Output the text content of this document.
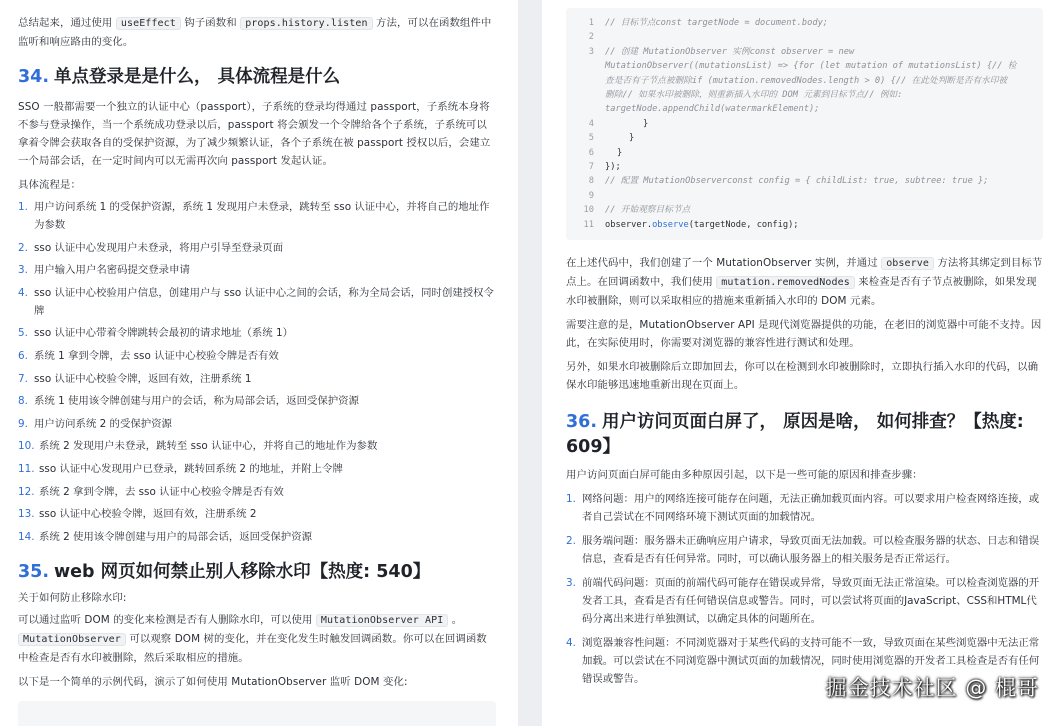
总结起来，通过使用 useEffect 钩子函数和 props.history.listen 方法，可以在函数组件中监听和响应路由的变化。

34. 单点登录是是什么， 具体流程是什么

SSO 一般都需要一个独立的认证中心（passport），子系统的登录均得通过 passport，子系统本身将不参与登录操作，当一个系统成功登录以后，passport 将会颁发一个令牌给各个子系统，子系统可以拿着令牌会获取各自的受保护资源，为了减少频繁认证，各个子系统在被 passport 授权以后，会建立一个局部会话，在一定时间内可以无需再次向 passport 发起认证。

具体流程是：

1. 用户访问系统 1 的受保护资源，系统 1 发现用户未登录，跳转至 sso 认证中心，并将自己的地址作为参数
2. sso 认证中心发现用户未登录，将用户引导至登录页面
3. 用户输入用户名密码提交登录申请
4. sso 认证中心校验用户信息，创建用户与 sso 认证中心之间的会话，称为全局会话，同时创建授权令牌
5. sso 认证中心带着令牌跳转会最初的请求地址（系统 1）
6. 系统 1 拿到令牌，去 sso 认证中心校验令牌是否有效
7. sso 认证中心校验令牌，返回有效，注册系统 1
8. 系统 1 使用该令牌创建与用户的会话，称为局部会话，返回受保护资源
9. 用户访问系统 2 的受保护资源
10. 系统 2 发现用户未登录，跳转至 sso 认证中心，并将自己的地址作为参数
11. sso 认证中心发现用户已登录，跳转回系统 2 的地址，并附上令牌
12. 系统 2 拿到令牌，去 sso 认证中心校验令牌是否有效
13. sso 认证中心校验令牌，返回有效，注册系统 2
14. 系统 2 使用该令牌创建与用户的局部会话，返回受保护资源
35. web 网页如何禁止别人移除水印【热度: 540】

关于如何防止移除水印:

可以通过监听 DOM 的变化来检测是否有人删除水印，可以使用 MutationObserver API 。MutationObserver 可以观察 DOM 树的变化，并在变化发生时触发回调函数。你可以在回调函数中检查是否有水印被删除，然后采取相应的措施。

以下是一个简单的示例代码，演示了如何使用 MutationObserver 监听 DOM 变化:

1 // 目标节点const targetNode = document.body;
2

3 // 创建 MutationObserver 实例const observer = new
MutationObserver((mutationsList) => {for (let mutation of mutationsList) {// 检
查是否有子节点被删除if (mutation.removedNodes.length > 0) {// 在此处判断是否有水印被
删除// 如果水印被删除，则重新插入水印的 DOM 元素到目标节点// 例如:
targetNode.appendChild(watermarkElement);
4	}
5	}
6	}
7 });
8 // 配置 MutationObserverconst config = { childList: true, subtree: true };
9

10 // 开始观察目标节点
11 observer.observe(targetNode, config);

在上述代码中，我们创建了一个 MutationObserver 实例，并通过 observe 方法将其绑定到目标节点上。在回调函数中，我们使用 mutation.removedNodes 来检查是否有子节点被删除，如果发现水印被删除，则可以采取相应的措施来重新插入水印的 DOM 元素。

需要注意的是，MutationObserver API 是现代浏览器提供的功能，在老旧的浏览器中可能不支持。因此，在实际使用时，你需要对浏览器的兼容性进行测试和处理。

另外，如果水印被删除后立即加回去，你可以在检测到水印被删除时，立即执行插入水印的代码，以确保水印能够迅速地重新出现在页面上。

36. 用户访问页面白屏了， 原因是啥， 如何排查？【热度: 609】

用户访问页面白屏可能由多种原因引起，以下是一些可能的原因和排查步骤：

1. 网络问题：用户的网络连接可能存在问题，无法正确加载页面内容。可以要求用户检查网络连接，或者自己尝试在不同网络环境下测试页面的加载情况。
2. 服务端问题：服务器未正确响应用户请求，导致页面无法加载。可以检查服务器的状态、日志和错误信息，查看是否有任何异常。同时，可以确认服务器上的相关服务是否正常运行。
3. 前端代码问题：页面的前端代码可能存在错误或异常，导致页面无法正常渲染。可以检查浏览器的开发者工具，查看是否有任何错误信息或警告。同时，可以尝试将页面的JavaScript、CSS和HTML代码分离出来进行单独测试，以确定具体的问题所在。
4. 浏览器兼容性问题：不同浏览器对于某些代码的支持可能不一致，导致页面在某些浏览器中无法正常加载。可以尝试在不同浏览器中测试页面的加载情况，同时使用浏览器的开发者工具检查是否有任何错误或警告。	掘金技术社区 @ 棍哥
